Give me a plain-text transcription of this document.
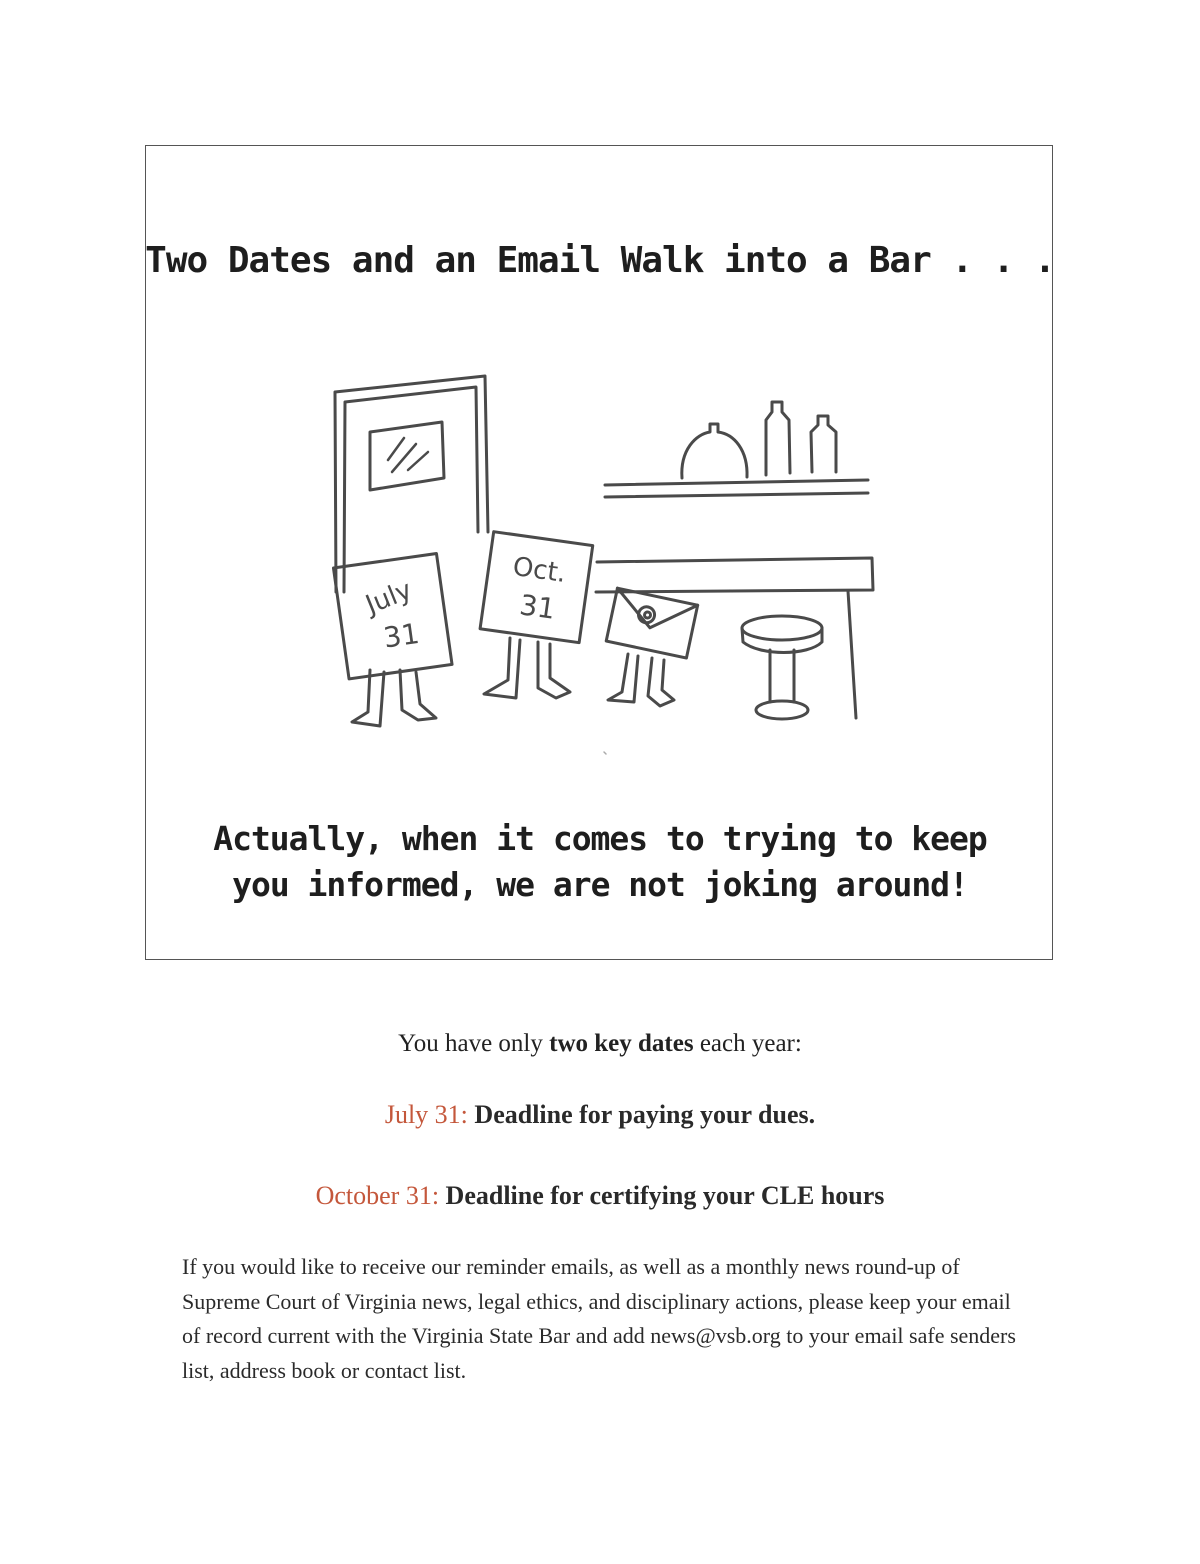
Two Dates and an Email Walk into a Bar . . .
July
31
Oct.
31

Actually, when it comes to trying to keep
you informed, we are not joking around!

You have only two key dates each year:
July 31: Deadline for paying your dues.
October 31: Deadline for certifying your CLE hours

If you would like to receive our reminder emails, as well as a monthly news round-up of Supreme Court of Virginia news, legal ethics, and disciplinary actions, please keep your email of record current with the Virginia State Bar and add news@vsb.org to your email safe senders list, address book or contact list.
